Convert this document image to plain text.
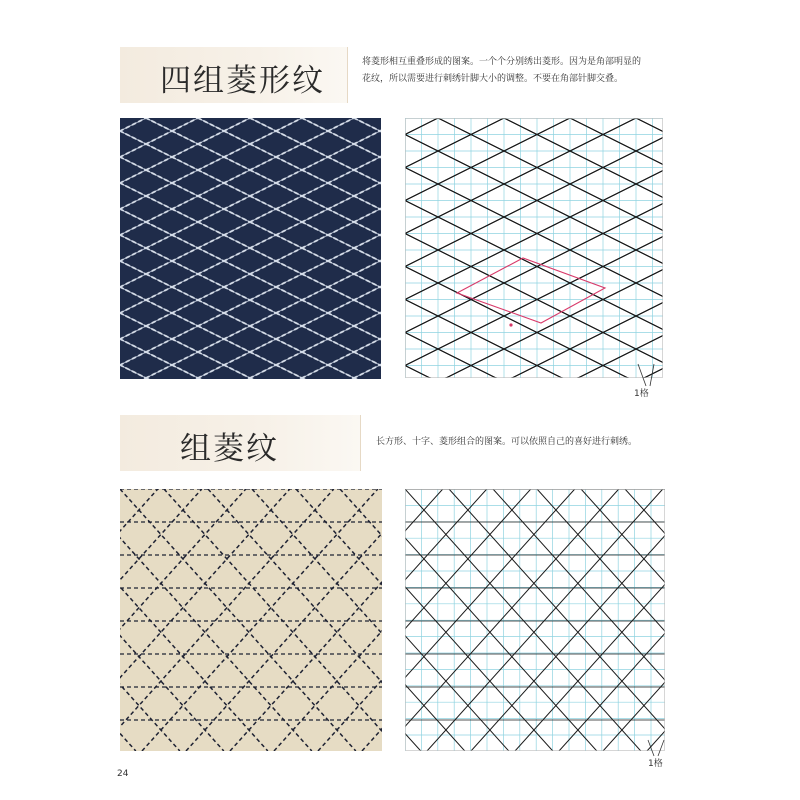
四组菱形纹
将菱形相互重叠形成的图案。一个个分别绣出菱形。因为是角部明显的
花纹，所以需要进行刺绣针脚大小的调整。不要在角部针脚交叠。
1格
组菱纹	长方形、十字、菱形组合的图案。可以依照自己的喜好进行刺绣。
1格
24
